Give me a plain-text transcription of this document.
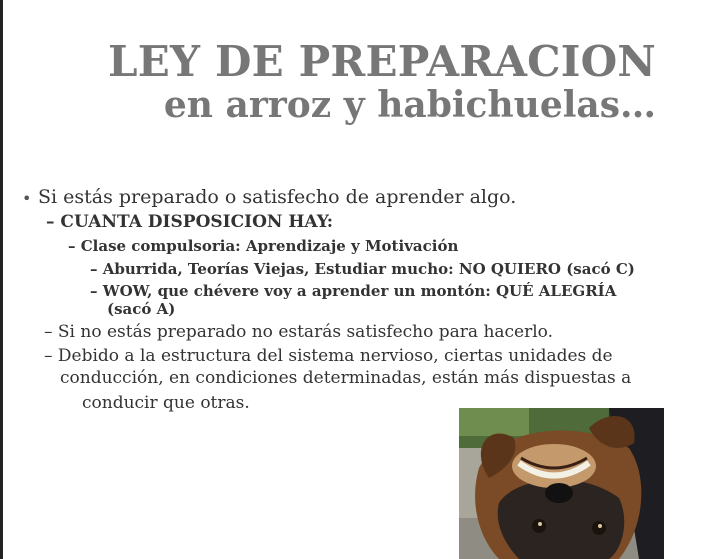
LEY DE PREPARACION
en arroz y habichuelas…
• Si estás preparado o satisfecho de aprender algo.
– CUANTA DISPOSICION HAY:
– Clase compulsoria: Aprendizaje y Motivación
– Aburrida, Teorías Viejas, Estudiar mucho: NO QUIERO (sacó C)
– WOW, que chévere voy a aprender un montón: QUÉ ALEGRÍA
(sacó A)
– Si no estás preparado no estarás satisfecho para hacerlo.
– Debido a la estructura del sistema nervioso, ciertas unidades de
conducción, en condiciones determinadas, están más dispuestas a
conducir que otras.
